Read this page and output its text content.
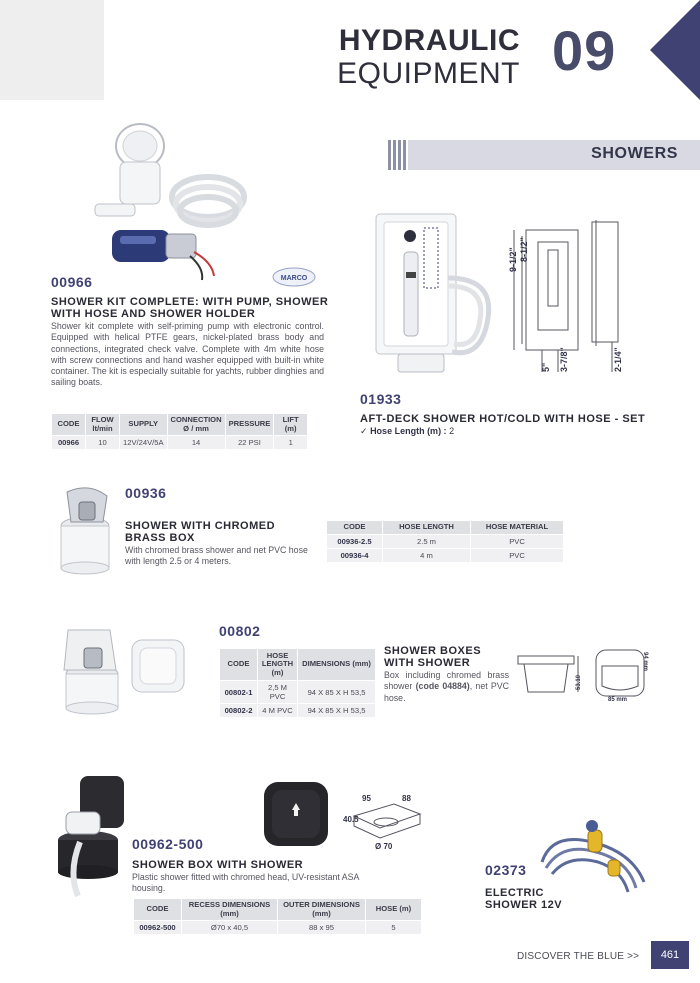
HYDRAULIC
EQUIPMENT 09
SHOWERS
MARCO
00966
SHOWER KIT COMPLETE: WITH PUMP, SHOWER
WITH HOSE AND SHOWER HOLDER
Shower kit complete with self-priming pump with electronic control. Equipped with helical PTFE gears, nickel-plated brass body and connections, integrated check valve. Complete with 4m white hose with screw connections and hand washer equipped with built-in white container. The kit is especially suitable for yachts, rubber dinghies and sailing boats.
CODE	FLOW lt/min	SUPPLY	CONNECTION Ø / mm	PRESSURE	LIFT (m)
00966	10	12V/24V/5A	14	22 PSI	1
9-1/2" 8-1/2"
5" 3-7/8"	2-1/4"
01933
AFT-DECK SHOWER HOT/COLD WITH HOSE - SET
✓ Hose Length (m) : 2
00936
SHOWER WITH CHROMED
BRASS BOX
With chromed brass shower and net PVC hose with length 2.5 or 4 meters.
CODE	HOSE LENGTH	HOSE MATERIAL
00936-2.5	2.5 m	PVC
00936-4	4 m	PVC
00802
CODE	HOSE LENGTH (m)	DIMENSIONS (mm)
00802-1	2,5 M PVC	94 X 85 X H 53,5
00802-2	4 M PVC	94 X 85 X H 53,5
SHOWER BOXES
WITH SHOWER
Box including chromed brass shower (code 04884), net PVC hose.
53.10
85 mm
94 mm
95	88
40.5
Ø 70
00962-500
SHOWER BOX WITH SHOWER
Plastic shower fitted with chromed head, UV-resistant ASA housing.
CODE	RECESS DIMENSIONS (mm)	OUTER DIMENSIONS (mm)	HOSE (m)
00962-500	Ø70 x 40,5	88 x 95	5
02373
ELECTRIC
SHOWER 12V
DISCOVER THE BLUE >>	461
